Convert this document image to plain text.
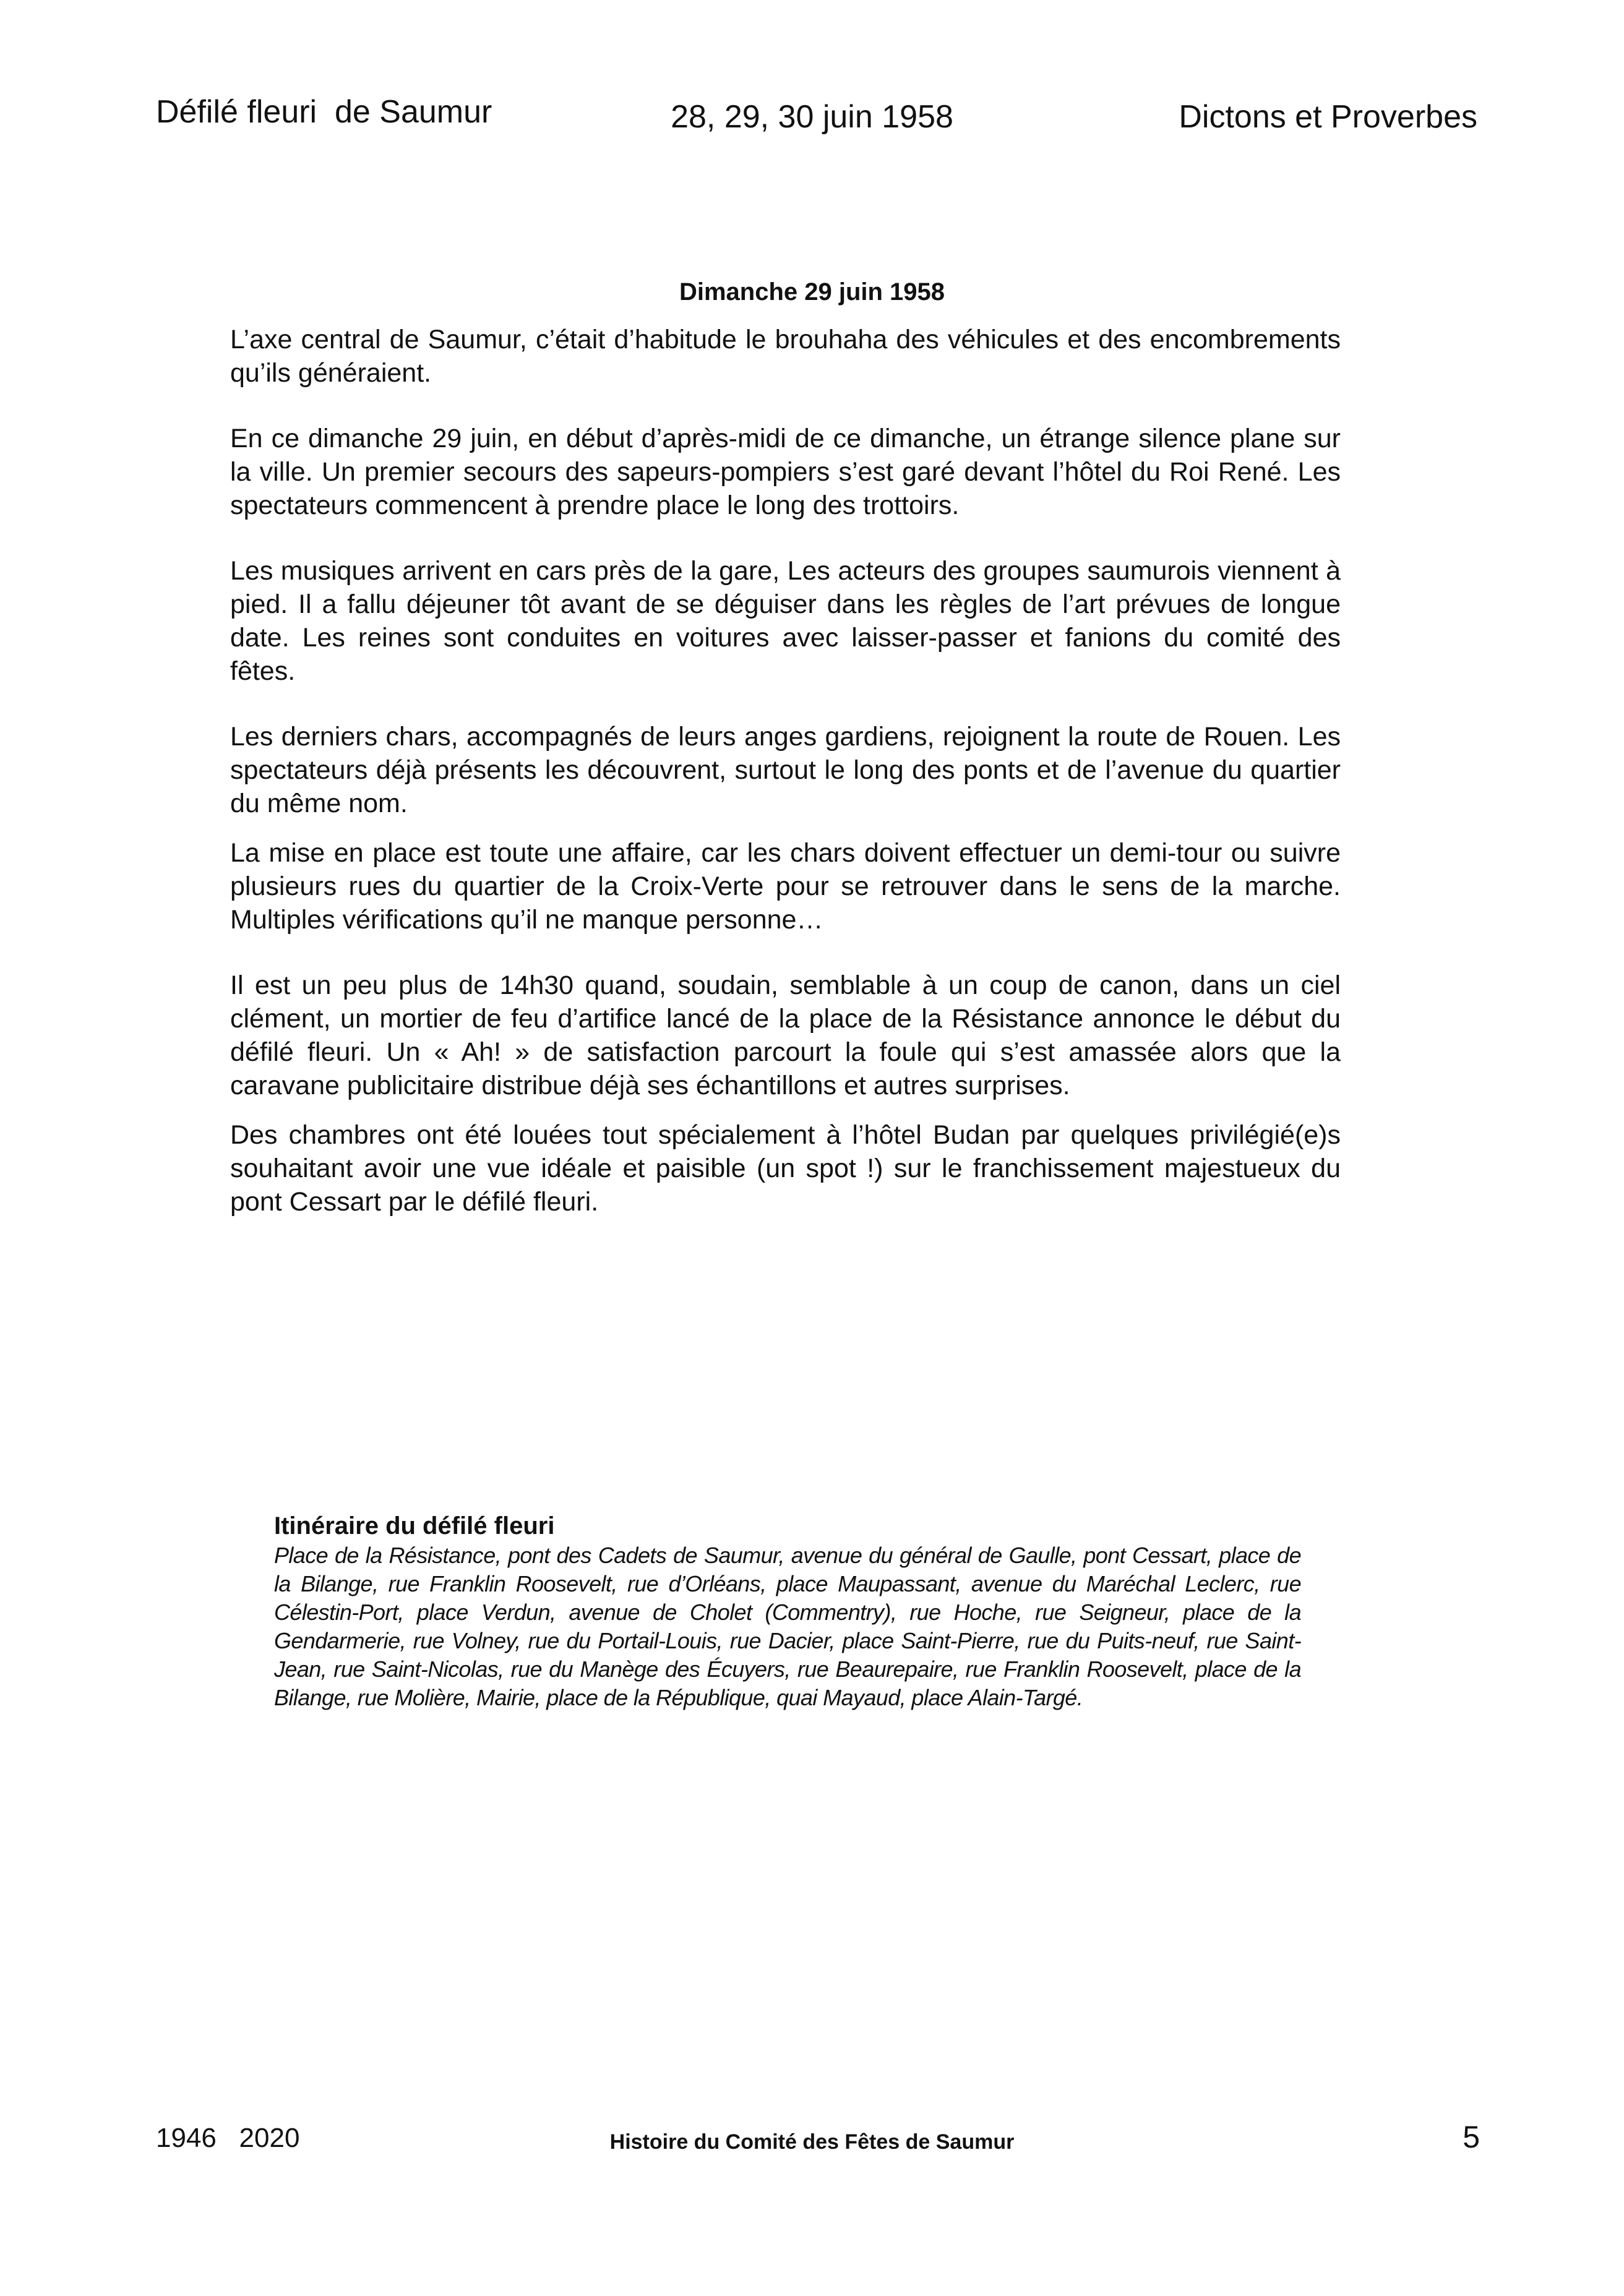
Défilé fleuri  de Saumur	28, 29, 30 juin 1958	Dictons et Proverbes
Dimanche 29 juin 1958

L’axe central de Saumur, c’était d’habitude le brouhaha des véhicules et des encombrements qu’ils généraient.

En ce dimanche 29 juin, en début d’après-midi de ce dimanche, un étrange silence plane sur la ville. Un premier secours des sapeurs-pompiers s’est garé devant l’hôtel du Roi René. Les spectateurs commencent à prendre place le long des trottoirs.

Les musiques arrivent en cars près de la gare, Les acteurs des groupes saumurois viennent à pied. Il a fallu déjeuner tôt avant de se déguiser dans les règles de l’art prévues de longue date. Les reines sont conduites en voitures avec laisser-passer et fanions du comité des fêtes.

Les derniers chars, accompagnés de leurs anges gardiens, rejoignent la route de Rouen. Les spectateurs déjà présents les découvrent, surtout le long des ponts et de l’avenue du quartier du même nom.

La mise en place est toute une affaire, car les chars doivent effectuer un demi-tour ou suivre plusieurs rues du quartier de la Croix-Verte pour se retrouver dans le sens de la marche. Multiples vérifications qu’il ne manque personne…

Il est un peu plus de 14h30 quand, soudain, semblable à un coup de canon, dans un ciel clément, un mortier de feu d’artifice lancé de la place de la Résistance annonce le début du défilé fleuri. Un « Ah! » de satisfaction parcourt la foule qui s’est amassée alors que la caravane publicitaire distribue déjà ses échantillons et autres surprises.

Des chambres ont été louées tout spécialement à l’hôtel Budan par quelques privilégié(e)s souhaitant avoir une vue idéale et paisible (un spot !) sur le franchissement majestueux du pont Cessart par le défilé fleuri.

Itinéraire du défilé fleuri

Place de la Résistance, pont des Cadets de Saumur, avenue du général de Gaulle, pont Cessart, place de la Bilange, rue Franklin Roosevelt, rue d’Orléans, place Maupassant, avenue du Maréchal Leclerc, rue Célestin-Port, place Verdun, avenue de Cholet (Commentry), rue Hoche, rue Seigneur, place de la Gendarmerie, rue Volney, rue du Portail-Louis, rue Dacier, place Saint-Pierre, rue du Puits-neuf, rue Saint-Jean, rue Saint-Nicolas, rue du Manège des Écuyers, rue Beaurepaire, rue Franklin Roosevelt, place de la Bilange, rue Molière, Mairie, place de la République, quai Mayaud, place Alain-Targé.

1946   2020	Histoire du Comité des Fêtes de Saumur	5
